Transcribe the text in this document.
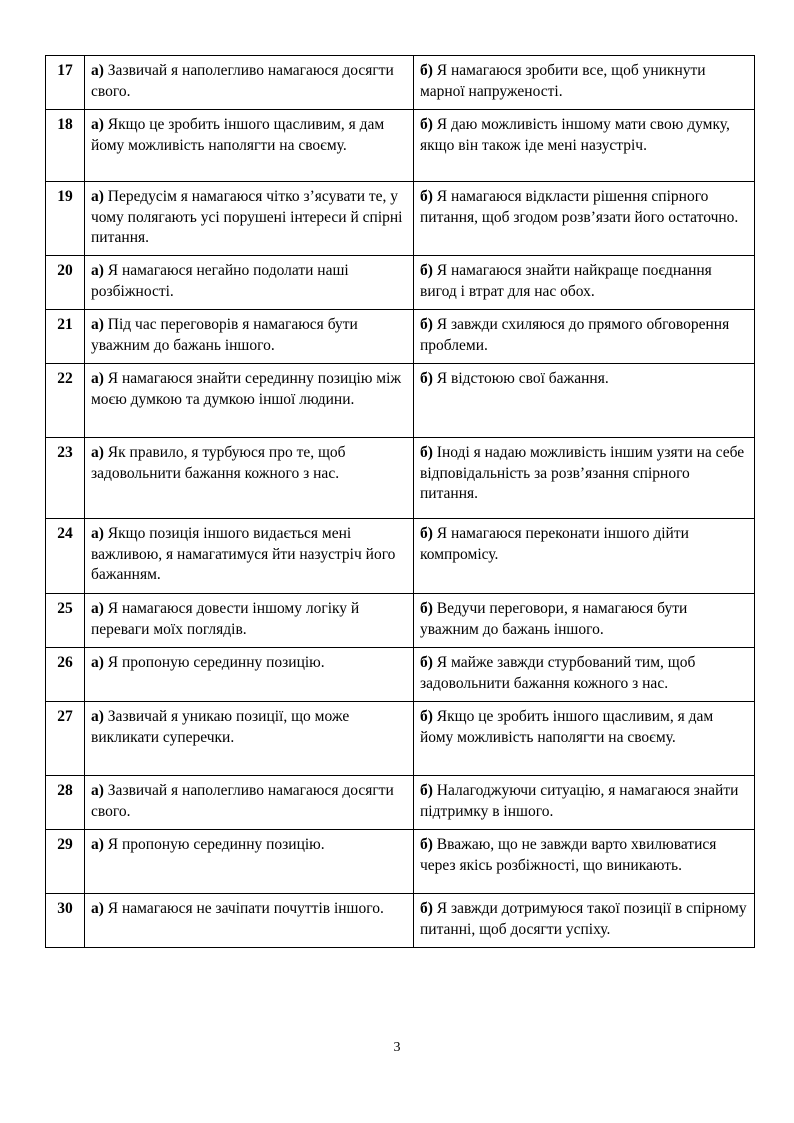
17	а) Зазвичай я наполегливо намагаюся досягти свого.	б) Я намагаюся зробити все, щоб уникнути марної напруженості.
18	а) Якщо це зробить іншого щасливим, я дам йому можливість наполягти на своєму.	б) Я даю можливість іншому мати свою думку, якщо він також іде мені назустріч.
19	а) Передусім я намагаюся чітко з’ясувати те, у чому полягають усі порушені інтереси й спірні питання.	б) Я намагаюся відкласти рішення спірного питання, щоб згодом розв’язати його остаточно.
20	а) Я намагаюся негайно подолати наші розбіжності.	б) Я намагаюся знайти найкраще поєднання вигод і втрат для нас обох.
21	а) Під час переговорів я намагаюся бути уважним до бажань іншого.	б) Я завжди схиляюся до прямого обговорення проблеми.
22	а) Я намагаюся знайти серединну позицію між моєю думкою та думкою іншої людини.	б) Я відстоюю свої бажання.
23	а) Як правило, я турбуюся про те, щоб задовольнити бажання кожного з нас.	б) Іноді я надаю можливість іншим узяти на себе відповідальність за розв’язання спірного питання.
24	а) Якщо позиція іншого видається мені важливою, я намагатимуся йти назустріч його бажанням.	б) Я намагаюся переконати іншого дійти компромісу.
25	а) Я намагаюся довести іншому логіку й переваги моїх поглядів.	б) Ведучи переговори, я намагаюся бути уважним до бажань іншого.
26	а) Я пропоную серединну позицію.	б) Я майже завжди стурбований тим, щоб задовольнити бажання кожного з нас.
27	а) Зазвичай я уникаю позиції, що може викликати суперечки.	б) Якщо це зробить іншого щасливим, я дам йому можливість наполягти на своєму.
28	а) Зазвичай я наполегливо намагаюся досягти свого.	б) Налагоджуючи ситуацію, я намагаюся знайти підтримку в іншого.
29	а) Я пропоную серединну позицію.	б) Вважаю, що не завжди варто хвилюватися через якісь розбіжності, що виникають.
30	а) Я намагаюся не зачіпати почуттів іншого.	б) Я завжди дотримуюся такої позиції в спірному питанні, щоб досягти успіху.
3
